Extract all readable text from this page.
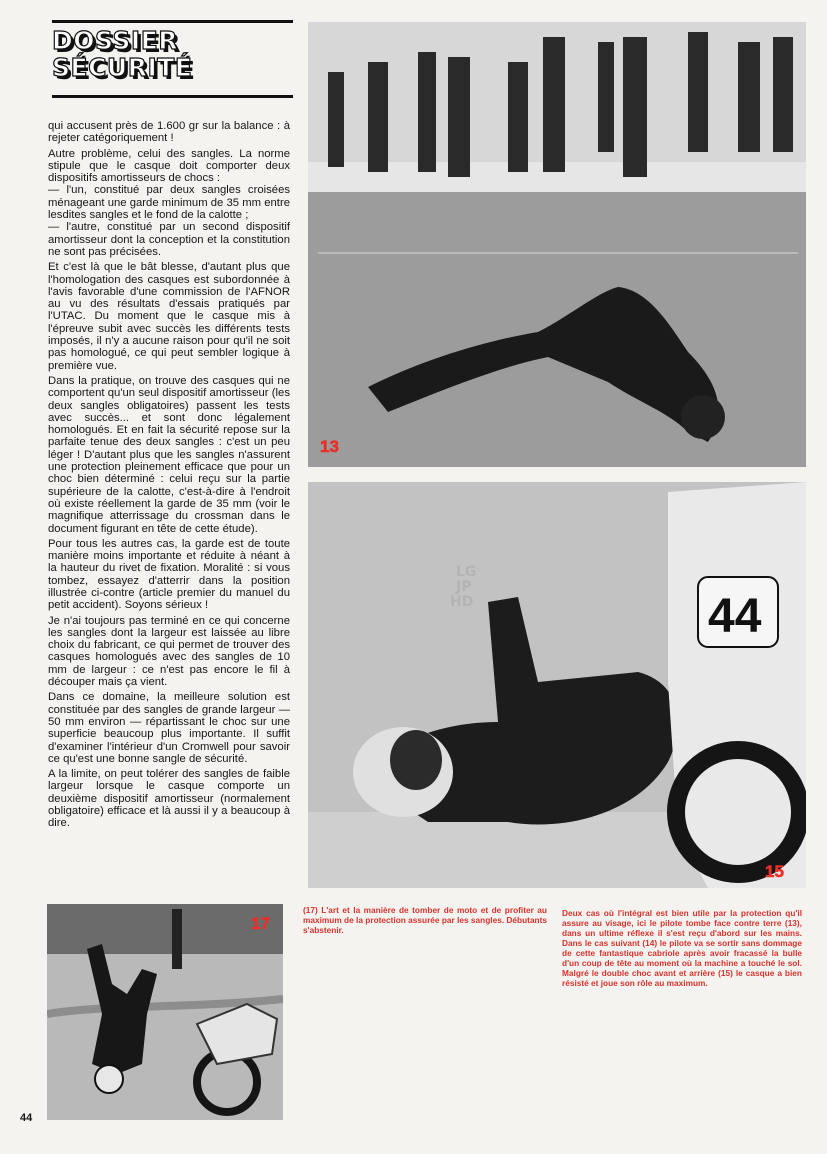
DOSSIER
SÉCURITÉ

qui accusent près de 1.600 gr sur la balance : à rejeter catégoriquement !

Autre problème, celui des sangles. La norme stipule que le casque doit comporter deux dispositifs amortisseurs de chocs :

— l'un, constitué par deux sangles croisées ménageant une garde minimum de 35 mm entre lesdites sangles et le fond de la calotte ;

— l'autre, constitué par un second dispositif amortisseur dont la conception et la constitution ne sont pas précisées.

Et c'est là que le bât blesse, d'autant plus que l'homologation des casques est subordonnée à l'avis favorable d'une commission de l'AFNOR au vu des résultats d'essais pratiqués par l'UTAC. Du moment que le casque mis à l'épreuve subit avec succès les différents tests imposés, il n'y a aucune raison pour qu'il ne soit pas homologué, ce qui peut sembler logique à première vue.

Dans la pratique, on trouve des casques qui ne comportent qu'un seul dispositif amortisseur (les deux sangles obligatoires) passent les tests avec succès... et sont donc légalement homologués. Et en fait la sécurité repose sur la parfaite tenue des deux sangles : c'est un peu léger ! D'autant plus que les sangles n'assurent une protection pleinement efficace que pour un choc bien déterminé : celui reçu sur la partie supérieure de la calotte, c'est-à-dire à l'endroit où existe réellement la garde de 35 mm (voir le magnifique atterrissage du crossman dans le document figurant en tête de cette étude).

Pour tous les autres cas, la garde est de toute manière moins importante et réduite à néant à la hauteur du rivet de fixation. Moralité : si vous tombez, essayez d'atterrir dans la position illustrée ci-contre (article premier du manuel du petit accident). Soyons sérieux !

Je n'ai toujours pas terminé en ce qui concerne les sangles dont la largeur est laissée au libre choix du fabricant, ce qui permet de trouver des casques homologués avec des sangles de 10 mm de largeur : ce n'est pas encore le fil à découper mais ça vient.

Dans ce domaine, la meilleure solution est constituée par des sangles de grande largeur — 50 mm environ — répartissant le choc sur une superficie beaucoup plus importante. Il suffit d'examiner l'intérieur d'un Cromwell pour savoir ce qu'est une bonne sangle de sécurité.

A la limite, on peut tolérer des sangles de faible largeur lorsque le casque comporte un deuxième dispositif amortisseur (normalement obligatoire) efficace et là aussi il y a beaucoup à dire.

13
44
15
LG
JP
HD
17
(17) L'art et la manière de tomber de moto et de profiter au maximum de la protection assurée par les sangles. Débutants s'abstenir.
Deux cas où l'intégral est bien utile par la protection qu'il assure au visage, ici le pilote tombe face contre terre (13), dans un ultime réflexe il s'est reçu d'abord sur les mains. Dans le cas suivant (14) le pilote va se sortir sans dommage de cette fantastique cabriole après avoir fracassé la bulle d'un coup de tête au moment où la machine a touché le sol. Malgré le double choc avant et arrière (15) le casque a bien résisté et joue son rôle au maximum.
44
